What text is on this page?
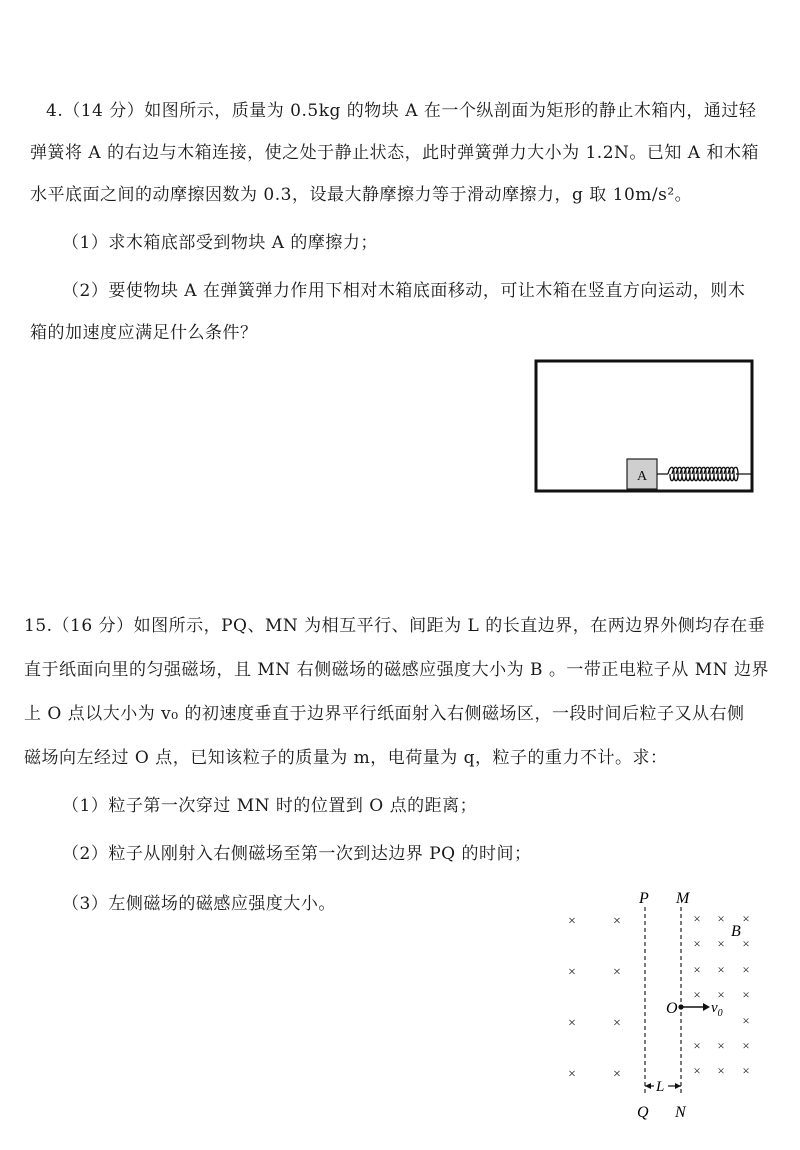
4.（14 分）如图所示，质量为 0.5kg 的物块 A 在一个纵剖面为矩形的静止木箱内，通过轻
弹簧将 A 的右边与木箱连接，使之处于静止状态，此时弹簧弹力大小为 1.2N。已知 A 和木箱
水平底面之间的动摩擦因数为 0.3，设最大静摩擦力等于滑动摩擦力，g 取 10m/s²。
（1）求木箱底部受到物块 A 的摩擦力；
（2）要使物块 A 在弹簧弹力作用下相对木箱底面移动，可让木箱在竖直方向运动，则木
箱的加速度应满足什么条件？
A
15.（16 分）如图所示，PQ、MN 为相互平行、间距为 L 的长直边界，在两边界外侧均存在垂
直于纸面向里的匀强磁场，且 MN 右侧磁场的磁感应强度大小为 B 。一带正电粒子从 MN 边界
上 O 点以大小为 v₀ 的初速度垂直于边界平行纸面射入右侧磁场区，一段时间后粒子又从右侧
磁场向左经过 O 点，已知该粒子的质量为 m，电荷量为 q，粒子的重力不计。求：
（1）粒子第一次穿过 MN 时的位置到 O 点的距离；
（2）粒子从刚射入右侧磁场至第一次到达边界 PQ 的时间；
（3）左侧磁场的磁感应强度大小。	P M
Q N
B
O $v_0$
L
×	×
×	×
×	×
×	×
× × ×
× × ×
× × ×
× × ×
×
× × ×
× × ×
